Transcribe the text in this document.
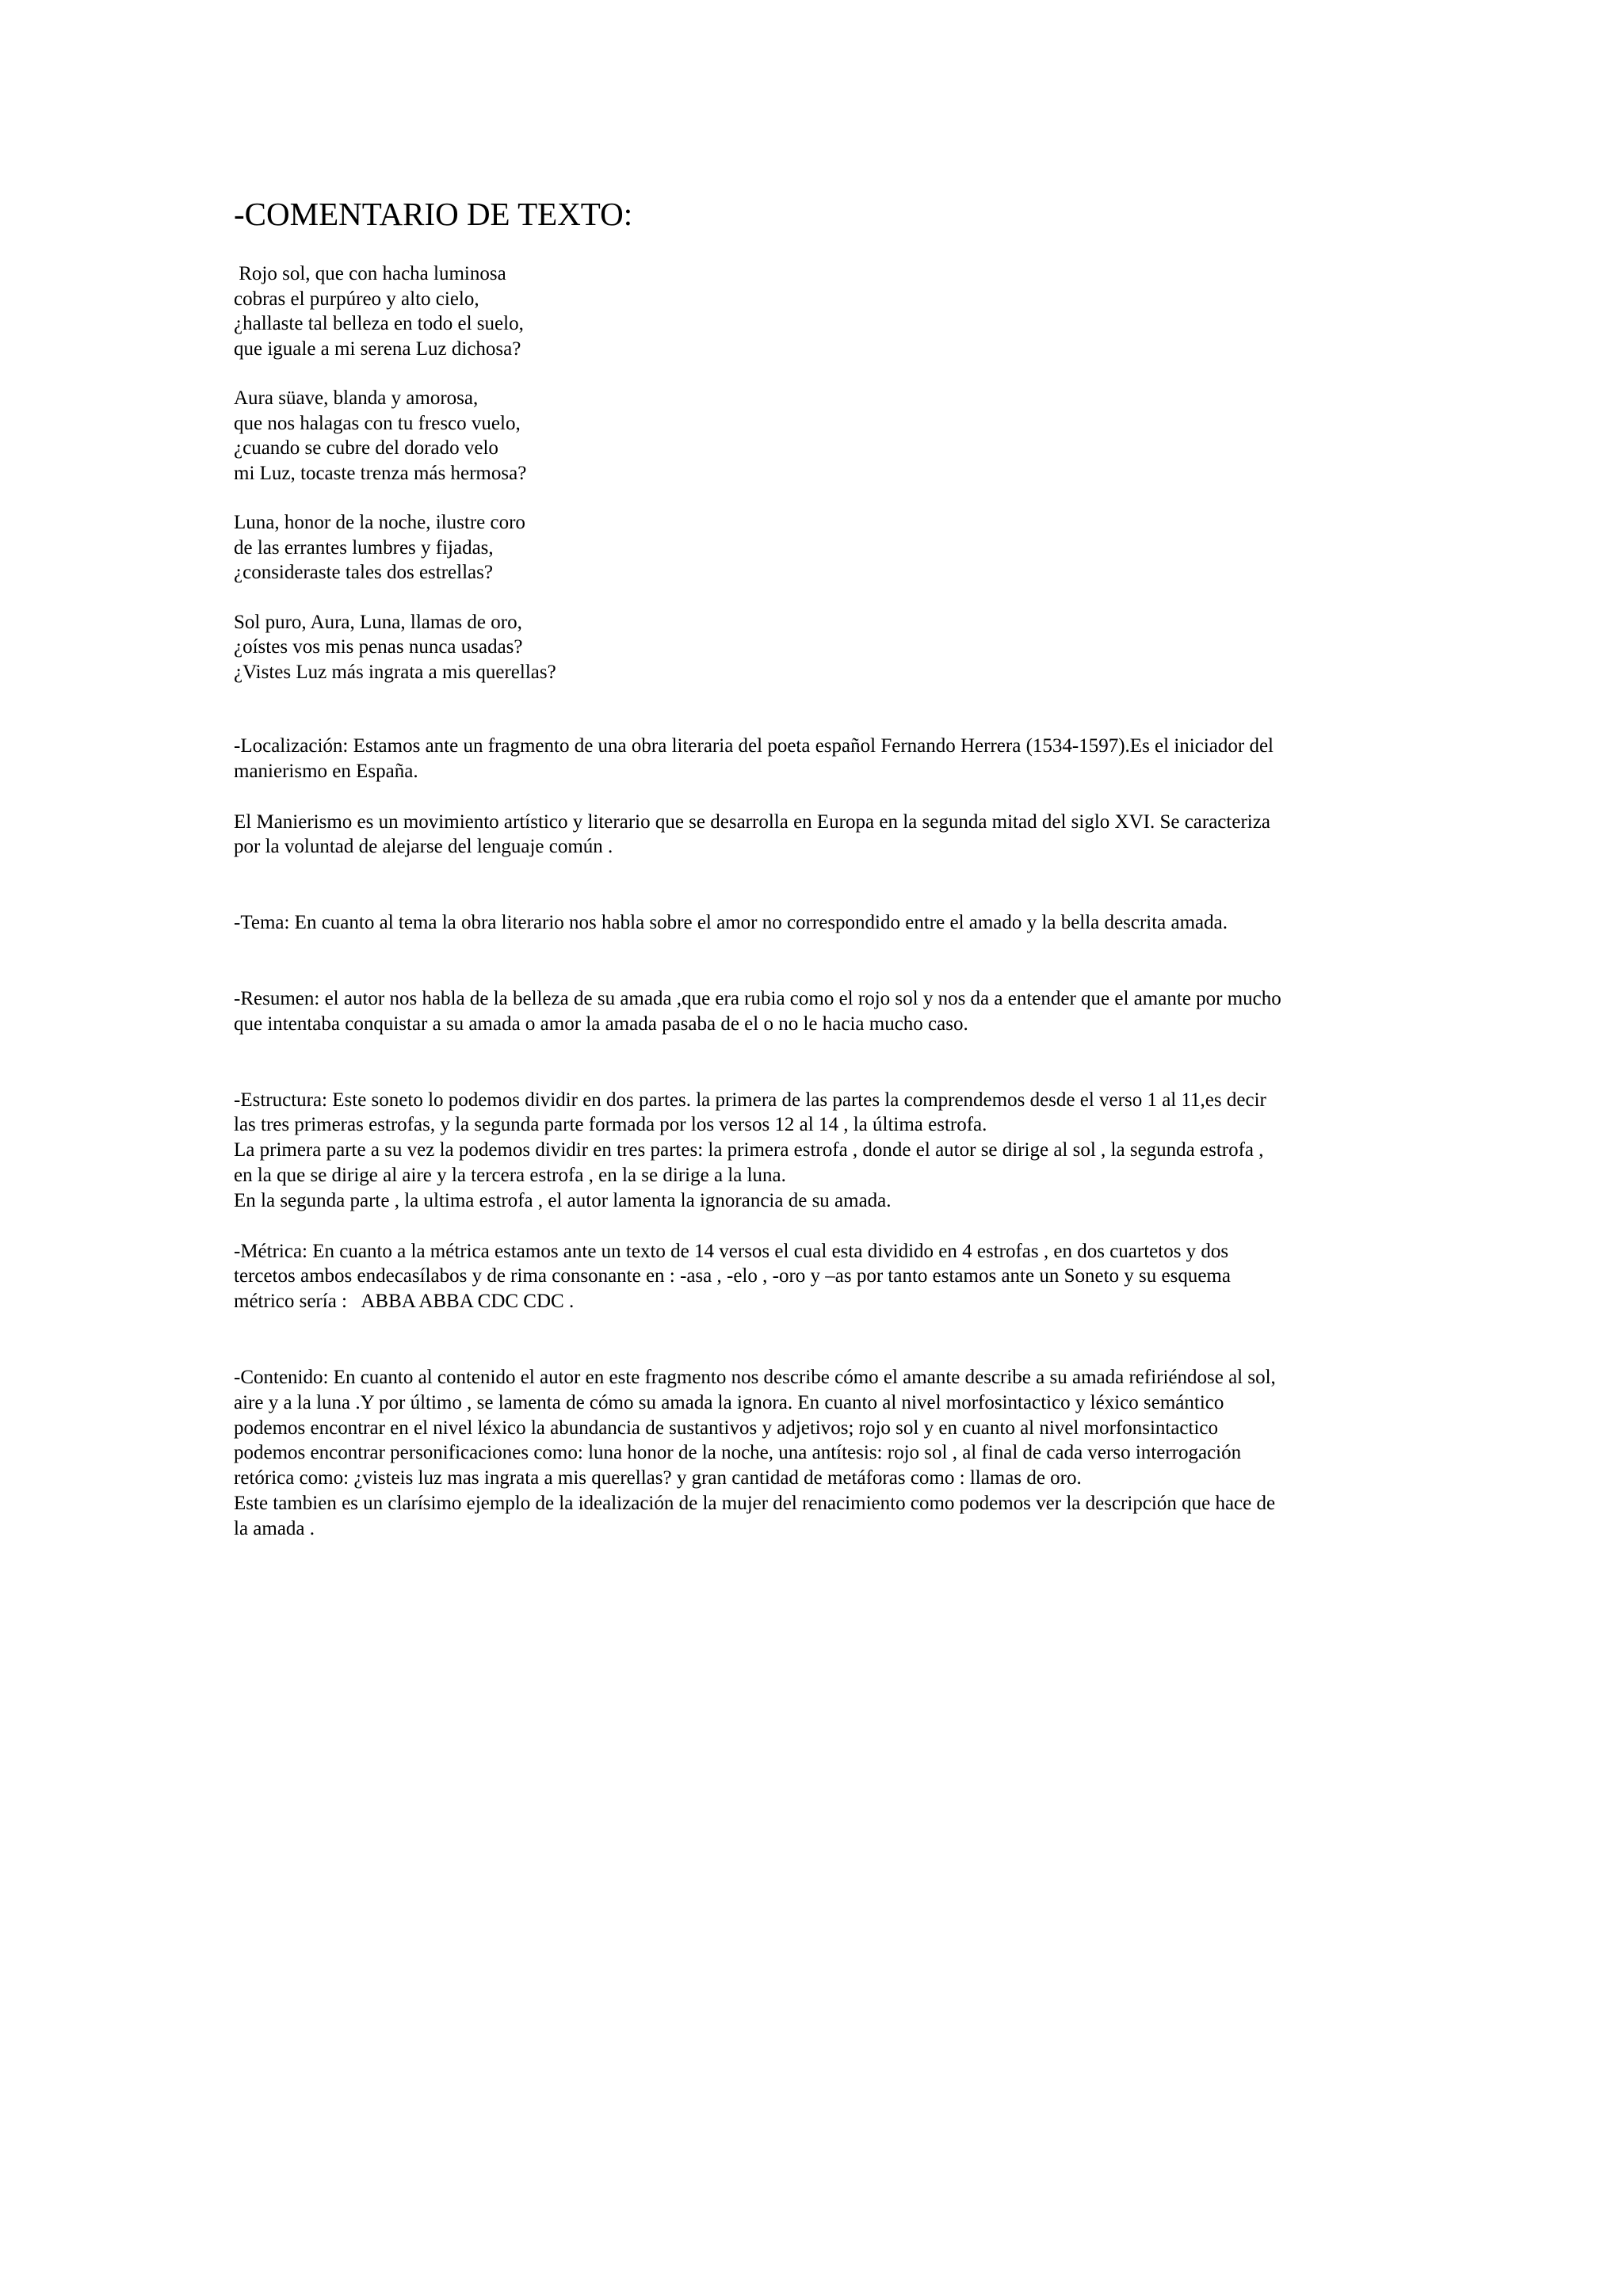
-COMENTARIO DE TEXTO:
Rojo sol, que con hacha luminosa
cobras el purpúreo y alto cielo,
¿hallaste tal belleza en todo el suelo,
que iguale a mi serena Luz dichosa?
Aura süave, blanda y amorosa,
que nos halagas con tu fresco vuelo,
¿cuando se cubre del dorado velo
mi Luz, tocaste trenza más hermosa?
Luna, honor de la noche, ilustre coro
de las errantes lumbres y fijadas,
¿consideraste tales dos estrellas?
Sol puro, Aura, Luna, llamas de oro,
¿oístes vos mis penas nunca usadas?
¿Vistes Luz más ingrata a mis querellas?

-Localización: Estamos ante un fragmento de una obra literaria del poeta español Fernando Herrera (1534-1597).Es el iniciador del
manierismo en España.

El Manierismo es un movimiento artístico y literario que se desarrolla en Europa en la segunda mitad del siglo XVI. Se caracteriza
por la voluntad de alejarse del lenguaje común .

-Tema: En cuanto al tema la obra literario nos habla sobre el amor no correspondido entre el amado y la bella descrita amada.

-Resumen: el autor nos habla de la belleza de su amada ,que era rubia como el rojo sol y nos da a entender que el amante por mucho
que intentaba conquistar a su amada o amor la amada pasaba de el o no le hacia mucho caso.

-Estructura: Este soneto lo podemos dividir en dos partes. la primera de las partes la comprendemos desde el verso 1 al 11,es decir
las tres primeras estrofas, y la segunda parte formada por los versos 12 al 14 , la última estrofa.
La primera parte a su vez la podemos dividir en tres partes: la primera estrofa , donde el autor se dirige al sol , la segunda estrofa ,
en la que se dirige al aire y la tercera estrofa , en la se dirige a la luna.
En la segunda parte , la ultima estrofa , el autor lamenta la ignorancia de su amada.

-Métrica: En cuanto a la métrica estamos ante un texto de 14 versos el cual esta dividido en 4 estrofas , en dos cuartetos y dos
tercetos ambos endecasílabos y de rima consonante en : -asa , -elo , -oro y –as por tanto estamos ante un Soneto y su esquema
métrico sería :   ABBA ABBA CDC CDC .

-Contenido: En cuanto al contenido el autor en este fragmento nos describe cómo el amante describe a su amada refiriéndose al sol,
aire y a la luna .Y por último , se lamenta de cómo su amada la ignora. En cuanto al nivel morfosintactico y léxico semántico
podemos encontrar en el nivel léxico la abundancia de sustantivos y adjetivos; rojo sol y en cuanto al nivel morfonsintactico
podemos encontrar personificaciones como: luna honor de la noche, una antítesis: rojo sol , al final de cada verso interrogación
retórica como: ¿visteis luz mas ingrata a mis querellas? y gran cantidad de metáforas como : llamas de oro.
Este tambien es un clarísimo ejemplo de la idealización de la mujer del renacimiento como podemos ver la descripción que hace de
la amada .
